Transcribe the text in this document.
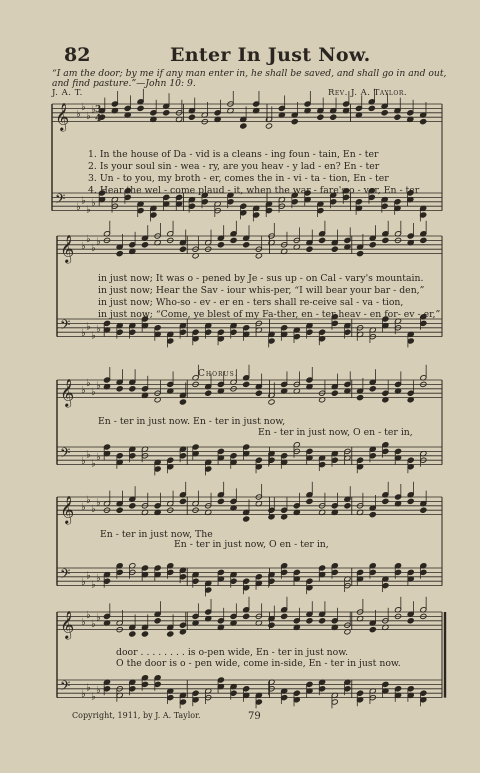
82	Enter In Just Now.
“I am the door; by me if any man enter in, he shall be saved, and shall go in and out,
and find pasture.”—John 10: 9.
J. A. T.	Rev. J. A. Taylor.
𝄞 ♭
♭
♭
♭
𝄢 ♭
♭
♭
♭
𝄞 ♭
♭
♭
♭
𝄢 ♭
♭
♭
♭
𝄞 ♭
♭
♭
♭
𝄢 ♭
♭
♭
♭
𝄞 ♭
♭
♭
♭
𝄢 ♭
♭
♭
♭
𝄞 ♭
♭
♭
♭
𝄢 ♭
♭
♭
♭
3
4
1. In the house of Da - vid is a cleans - ing foun - tain, En - ter
2. Is your soul sin - wea - ry, are you heav - y lad - en? En - ter
3. Un - to you, my broth - er, comes the in - vi - ta - tion, En - ter
4. Hear the wel - come plaud - it, when the war - fare's o - ver, En - ter
in just now; It was o - pened by Je - sus up - on Cal - vary's mountain.
in just now; Hear the Sav - iour whis-per, “I will bear your bar - den,”
in just now; Who-so - ev - er en - ters shall re-ceive sal - va - tion,
in just now; “Come, ye blest of my Fa-ther, en - ter heav - en for- ev - er,”
Chorus.
En - ter in just now. En - ter in just now,
En - ter in just now, O en - ter in,
En - ter in just now, The
En - ter in just now, O en - ter in,
door . . . . . . . . is o-pen wide, En - ter in just now.
O the door is o - pen wide, come in-side, En - ter in just now.
Copyright, 1911, by J. A. Taylor.	79
